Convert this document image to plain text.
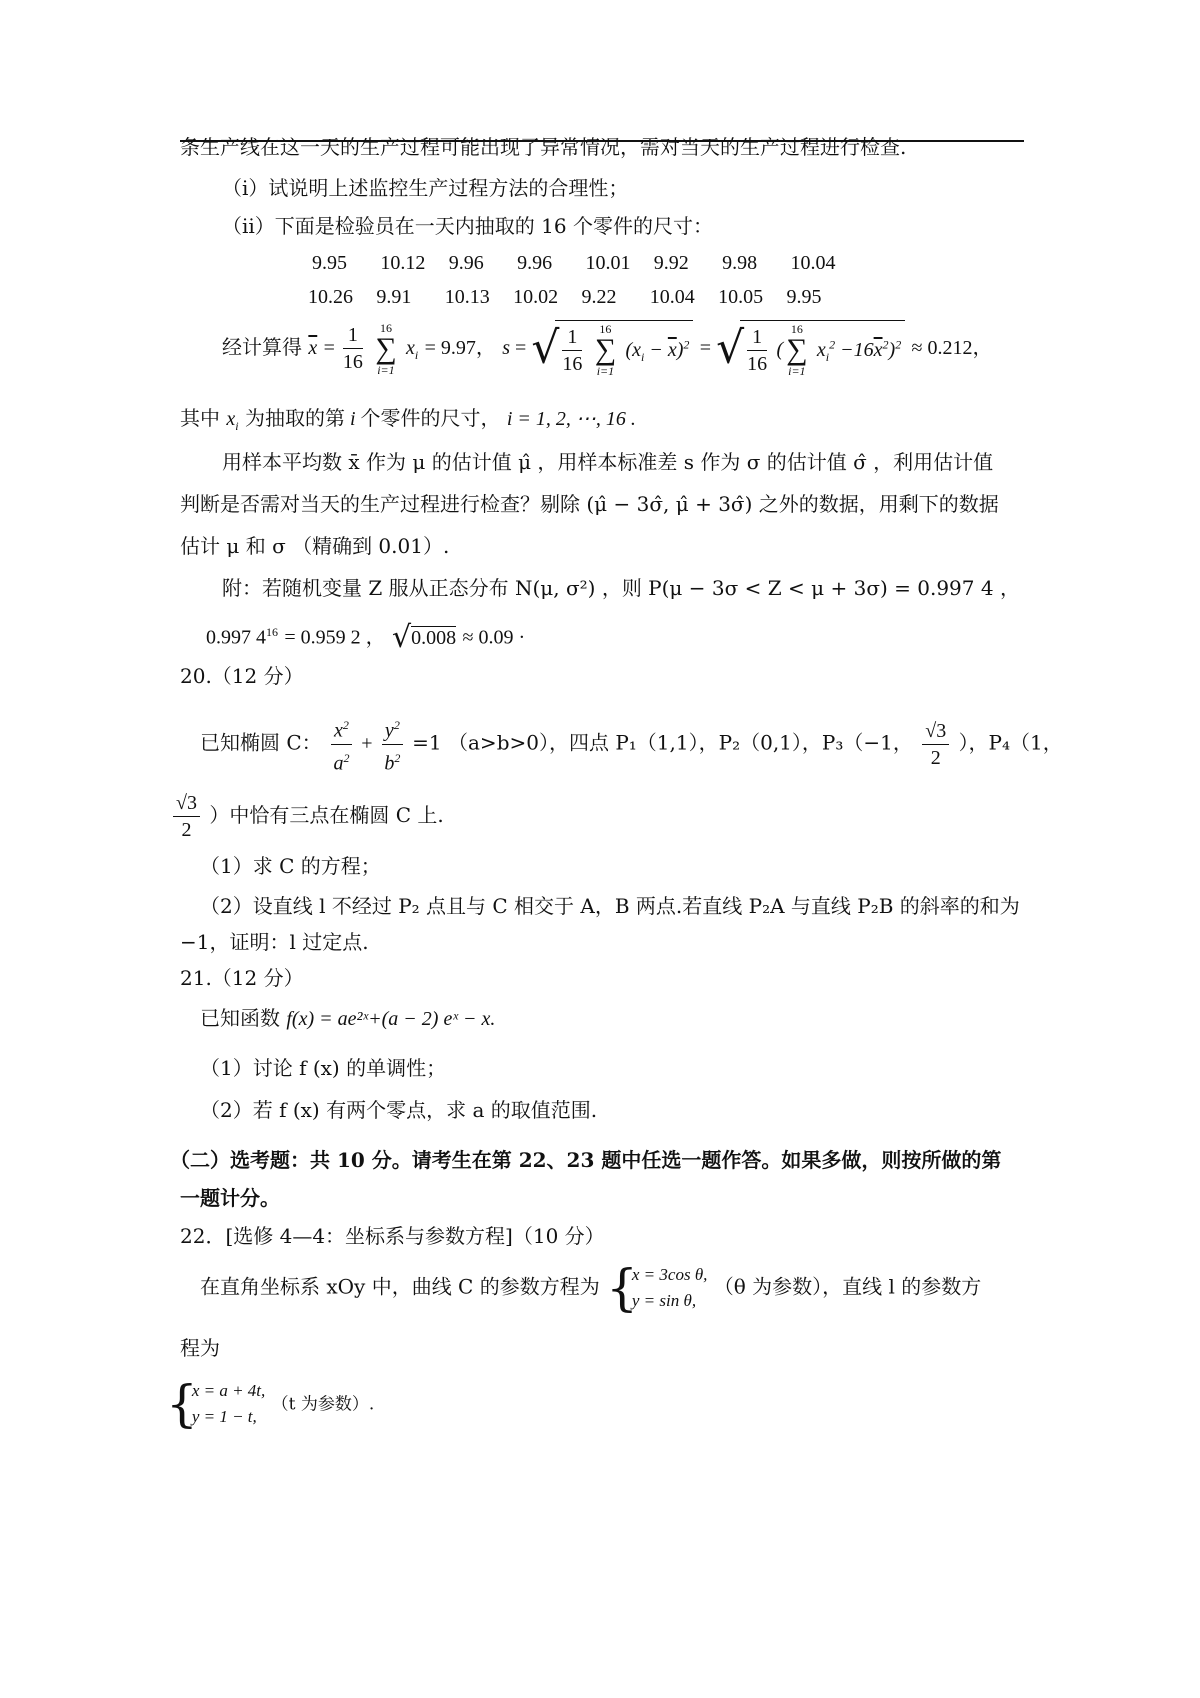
条生产线在这一天的生产过程可能出现了异常情况，需对当天的生产过程进行检查.
（ⅰ）试说明上述监控生产过程方法的合理性；
（ⅱ）下面是检验员在一天内抽取的 16 个零件的尺寸：
9.95 10.12 9.96 9.96 10.01 9.92 9.98 10.04
10.26 9.91 10.13 10.02 9.22 10.04 10.05 9.95
经计算得 $\overline{x} = \frac{1}{16}$
	16
∑
i=1
$x_i = 9.97$， s = √ $\frac{1}{16}$
	16
∑
i=1
$(x_i - \overline{x})^2$ = √ $\frac{1}{16}$ (
16
∑
i=1
$x_i^2 -16\overline{x}^2)^2 \approx 0.212$，
其中 $x_i$ 为抽取的第 i 个零件的尺寸， i = 1, 2, ⋯, 16 .
用样本平均数 x̄ 作为 μ 的估计值 μ̂ ，用样本标准差 s 作为 σ 的估计值 σ̂ ，利用估计值
判断是否需对当天的生产过程进行检查？剔除 (μ̂ − 3σ̂, μ̂ + 3σ̂) 之外的数据，用剩下的数据
估计 μ 和 σ （精确到 0.01）.
附：若随机变量 Z 服从正态分布 N(μ, σ²) ，则 P(μ − 3σ < Z < μ + 3σ) = 0.997 4 ，
0.997 $4^{16} = 0.959$ 2 ， √0.008 ≈ 0.09 ·
20.（12 分）
已知椭圆 C： $\frac{x^2}{a^2} + \frac{y^2}{b^2} =1$ （a>b>0），四点 P₁（1,1），P₂（0,1），P₃（−1， $\frac{√3}{2}$ ），P₄（1，
$\frac{√3}{2}$ ）中恰有三点在椭圆 C 上.
（1）求 C 的方程；
（2）设直线 l 不经过 P₂ 点且与 C 相交于 A，B 两点.若直线 P₂A 与直线 P₂B 的斜率的和为
−1，证明：l 过定点.
21.（12 分）
已知函数 f(x) = ae²ˣ+(a − 2) eˣ − x.
（1）讨论 f (x) 的单调性；
（2）若 f (x) 有两个零点，求 a 的取值范围.
（二）选考题：共 10 分。请考生在第 22、23 题中任选一题作答。如果多做，则按所做的第
一题计分。
22．[选修 4—4：坐标系与参数方程]（10 分）
在直角坐标系 xOy 中，曲线 C 的参数方程为 {
x = 3cos θ,
y = sin θ,
（θ 为参数），直线 l 的参数方
程为
{
x = a + 4t,
y = 1 − t,
（t 为参数）.
